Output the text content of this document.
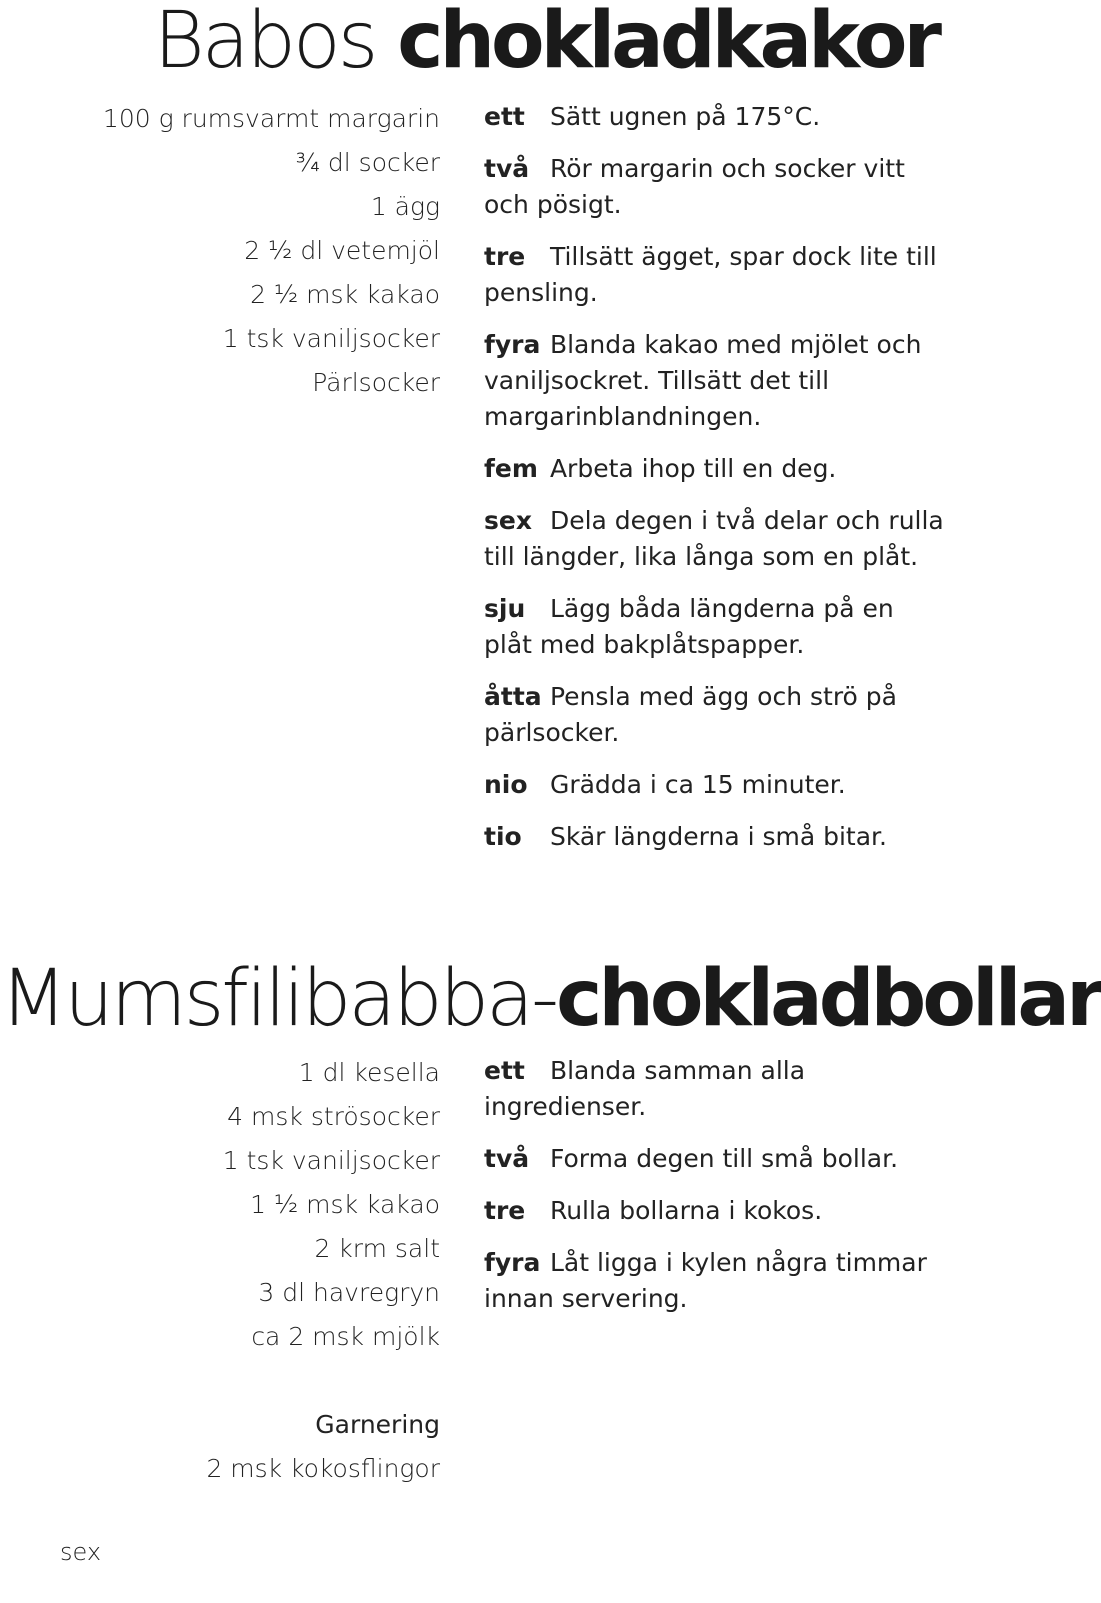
Babos chokladkakor
100 g rumsvarmt margarin
¾ dl socker
1 ägg
2 ½ dl vetemjöl
2 ½ msk kakao
1 tsk vaniljsocker
Pärlsocker
ett Sätt ugnen på 175°C.
två Rör margarin och socker vitt och pösigt.
tre Tillsätt ägget, spar dock lite till pensling.
fyra Blanda kakao med mjölet och vaniljsockret. Tillsätt det till margarinblandningen.
fem Arbeta ihop till en deg.
sex Dela degen i två delar och rulla till längder, lika långa som en plåt.
sju Lägg båda längderna på en plåt med bakplåtspapper.
åtta Pensla med ägg och strö på pärlsocker.
nio Grädda i ca 15 minuter.
tio Skär längderna i små bitar.
Mumsfilibabba-chokladbollar
1 dl kesella
4 msk strösocker
1 tsk vaniljsocker
1 ½ msk kakao
2 krm salt
3 dl havregryn
ca 2 msk mjölk
Garnering
2 msk kokosflingor
ett Blanda samman alla ingredienser.
två Forma degen till små bollar.
tre Rulla bollarna i kokos.
fyra Låt ligga i kylen några timmar innan servering.
sex
